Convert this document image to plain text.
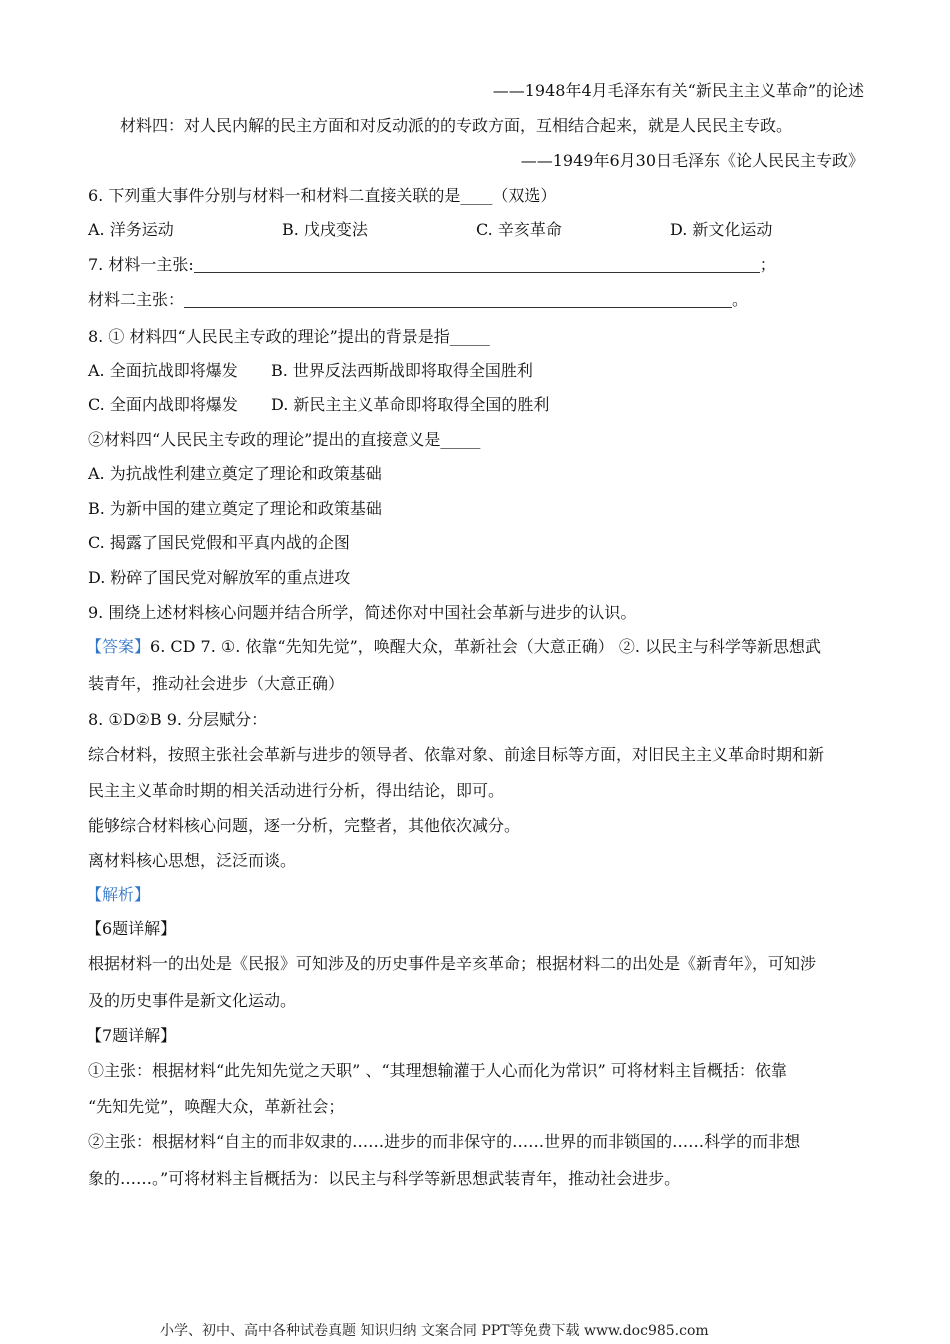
——1948年4月毛泽东有关“新民主主义革命”的论述
材料四：对人民内解的民主方面和对反动派的的专政方面，互相结合起来，就是人民民主专政。
——1949年6月30日毛泽东《论人民民主专政》
6. 下列重大事件分别与材料一和材料二直接关联的是____（双选）
A. 洋务运动	B. 戊戌变法	C. 辛亥革命	D. 新文化运动
7. 材料一主张:	；
材料二主张：	。
8. ① 材料四“人民民主专政的理论”提出的背景是指_____
A. 全面抗战即将爆发 B. 世界反法西斯战即将取得全国胜利
C. 全面内战即将爆发 D. 新民主主义革命即将取得全国的胜利
②材料四“人民民主专政的理论”提出的直接意义是_____
A. 为抗战性利建立奠定了理论和政策基础
B. 为新中国的建立奠定了理论和政策基础
C. 揭露了国民党假和平真内战的企图
D. 粉碎了国民党对解放军的重点进攻
9. 围绕上述材料核心问题并结合所学，简述你对中国社会革新与进步的认识。
【答案】6. CD 7. ①. 依靠“先知先觉”，唤醒大众，革新社会（大意正确） ②. 以民主与科学等新思想武
装青年，推动社会进步（大意正确）
8. ①D②B 9. 分层赋分：
综合材料，按照主张社会革新与进步的领导者、依靠对象、前途目标等方面，对旧民主主义革命时期和新
民主主义革命时期的相关活动进行分析，得出结论，即可。
能够综合材料核心问题，逐一分析，完整者，其他依次减分。
离材料核心思想，泛泛而谈。
【解析】
【6题详解】
根据材料一的出处是《民报》可知涉及的历史事件是辛亥革命；根据材料二的出处是《新青年》，可知涉
及的历史事件是新文化运动。
【7题详解】
①主张：根据材料“此先知先觉之天职” 、“其理想输灌于人心而化为常识” 可将材料主旨概括：依靠
“先知先觉”，唤醒大众，革新社会；
②主张：根据材料“自主的而非奴隶的……进步的而非保守的……世界的而非锁国的……科学的而非想
象的……。”可将材料主旨概括为：以民主与科学等新思想武装青年，推动社会进步。
小学、初中、高中各种试卷真题 知识归纳 文案合同 PPT等免费下载 www.doc985.com
